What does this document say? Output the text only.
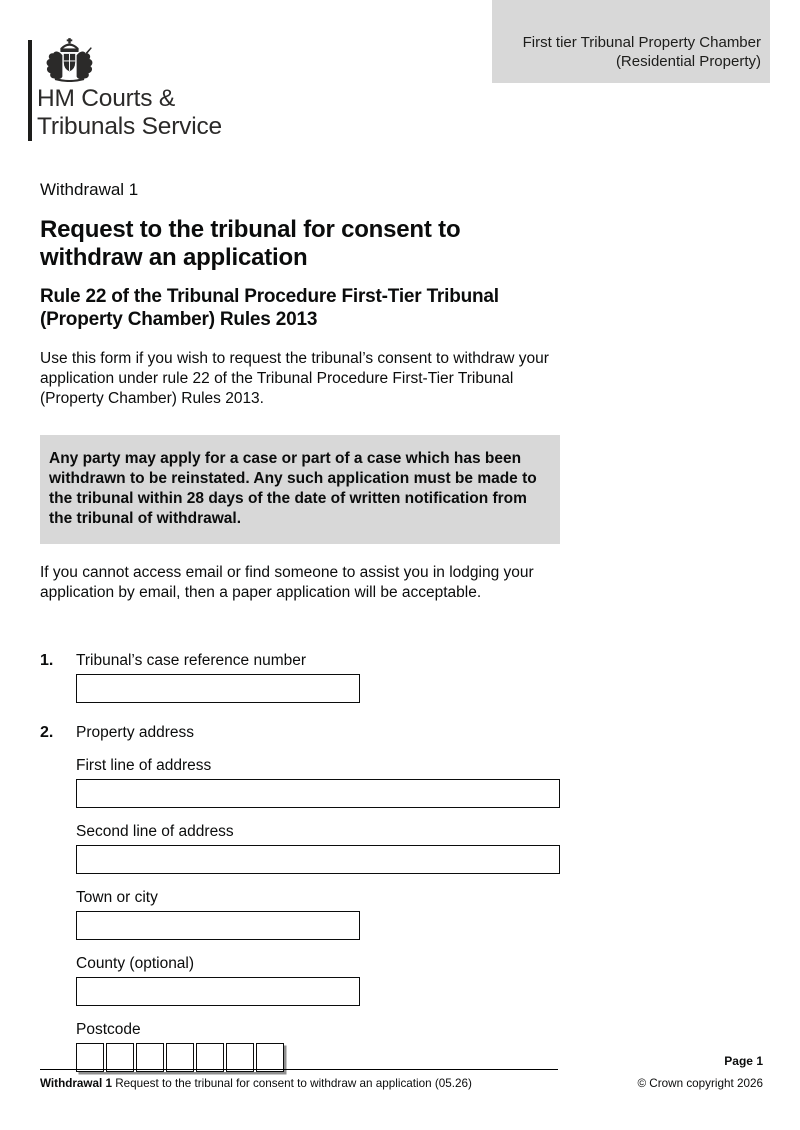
First tier Tribunal Property Chamber
(Residential Property)
HM Courts &
Tribunals Service
Withdrawal 1
Request to the tribunal for consent to withdraw an application
Rule 22 of the Tribunal Procedure First-Tier Tribunal (Property Chamber) Rules 2013

Use this form if you wish to request the tribunal’s consent to withdraw your application under rule 22 of the Tribunal Procedure First-Tier Tribunal (Property Chamber) Rules 2013.

Any party may apply for a case or part of a case which has been withdrawn to be reinstated. Any such application must be made to the tribunal within 28 days of the date of written notification from the tribunal of withdrawal.

If you cannot access email or find someone to assist you in lodging your application by email, then a paper application will be acceptable.

1.	Tribunal’s case reference number
2.	Property address
First line of address
Second line of address
Town or city
County (optional)
Postcode
Page 1
Withdrawal 1 Request to the tribunal for consent to withdraw an application (05.26)	© Crown copyright 2026
